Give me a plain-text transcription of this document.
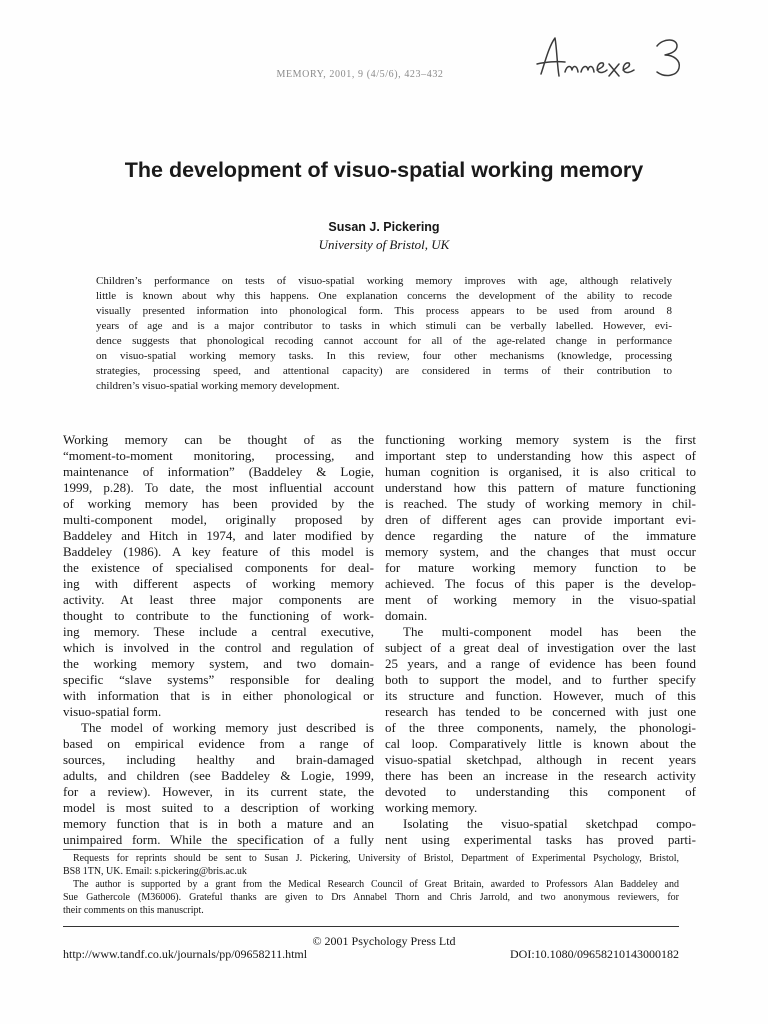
MEMORY, 2001, 9 (4/5/6), 423–432
The development of visuo-spatial working memory
Susan J. Pickering
University of Bristol, UK
Children’s performance on tests of visuo-spatial working memory improves with age, although relatively
little is known about why this happens. One explanation concerns the development of the ability to recode
visually presented information into phonological form. This process appears to be used from around 8
years of age and is a major contributor to tasks in which stimuli can be verbally labelled. However, evi-
dence suggests that phonological recoding cannot account for all of the age-related change in performance
on visuo-spatial working memory tasks. In this review, four other mechanisms (knowledge, processing
strategies, processing speed, and attentional capacity) are considered in terms of their contribution to
children’s visuo-spatial working memory development.
Working memory can be thought of as the
“moment-to-moment monitoring, processing, and
maintenance of information” (Baddeley & Logie,
1999, p.28). To date, the most influential account
of working memory has been provided by the
multi-component model, originally proposed by
Baddeley and Hitch in 1974, and later modified by
Baddeley (1986). A key feature of this model is
the existence of specialised components for deal-
ing with different aspects of working memory
activity. At least three major components are
thought to contribute to the functioning of work-
ing memory. These include a central executive,
which is involved in the control and regulation of
the working memory system, and two domain-
specific “slave systems” responsible for dealing
with information that is in either phonological or
visuo-spatial form.
The model of working memory just described is
based on empirical evidence from a range of
sources, including healthy and brain-damaged
adults, and children (see Baddeley & Logie, 1999,
for a review). However, in its current state, the
model is most suited to a description of working
memory function that is in both a mature and an
unimpaired form. While the specification of a fully
functioning working memory system is the first
important step to understanding how this aspect of
human cognition is organised, it is also critical to
understand how this pattern of mature functioning
is reached. The study of working memory in chil-
dren of different ages can provide important evi-
dence regarding the nature of the immature
memory system, and the changes that must occur
for mature working memory function to be
achieved. The focus of this paper is the develop-
ment of working memory in the visuo-spatial
domain.
The multi-component model has been the
subject of a great deal of investigation over the last
25 years, and a range of evidence has been found
both to support the model, and to further specify
its structure and function. However, much of this
research has tended to be concerned with just one
of the three components, namely, the phonologi-
cal loop. Comparatively little is known about the
visuo-spatial sketchpad, although in recent years
there has been an increase in the research activity
devoted to understanding this component of
working memory.
Isolating the visuo-spatial sketchpad compo-
nent using experimental tasks has proved parti-
Requests for reprints should be sent to Susan J. Pickering, University of Bristol, Department of Experimental Psychology, Bristol,
BS8 1TN, UK. Email: s.pickering@bris.ac.uk
The author is supported by a grant from the Medical Research Council of Great Britain, awarded to Professors Alan Baddeley and
Sue Gathercole (M36006). Grateful thanks are given to Drs Annabel Thorn and Chris Jarrold, and two anonymous reviewers, for
their comments on this manuscript.
© 2001 Psychology Press Ltd
http://www.tandf.co.uk/journals/pp/09658211.html	DOI:10.1080/09658210143000182
